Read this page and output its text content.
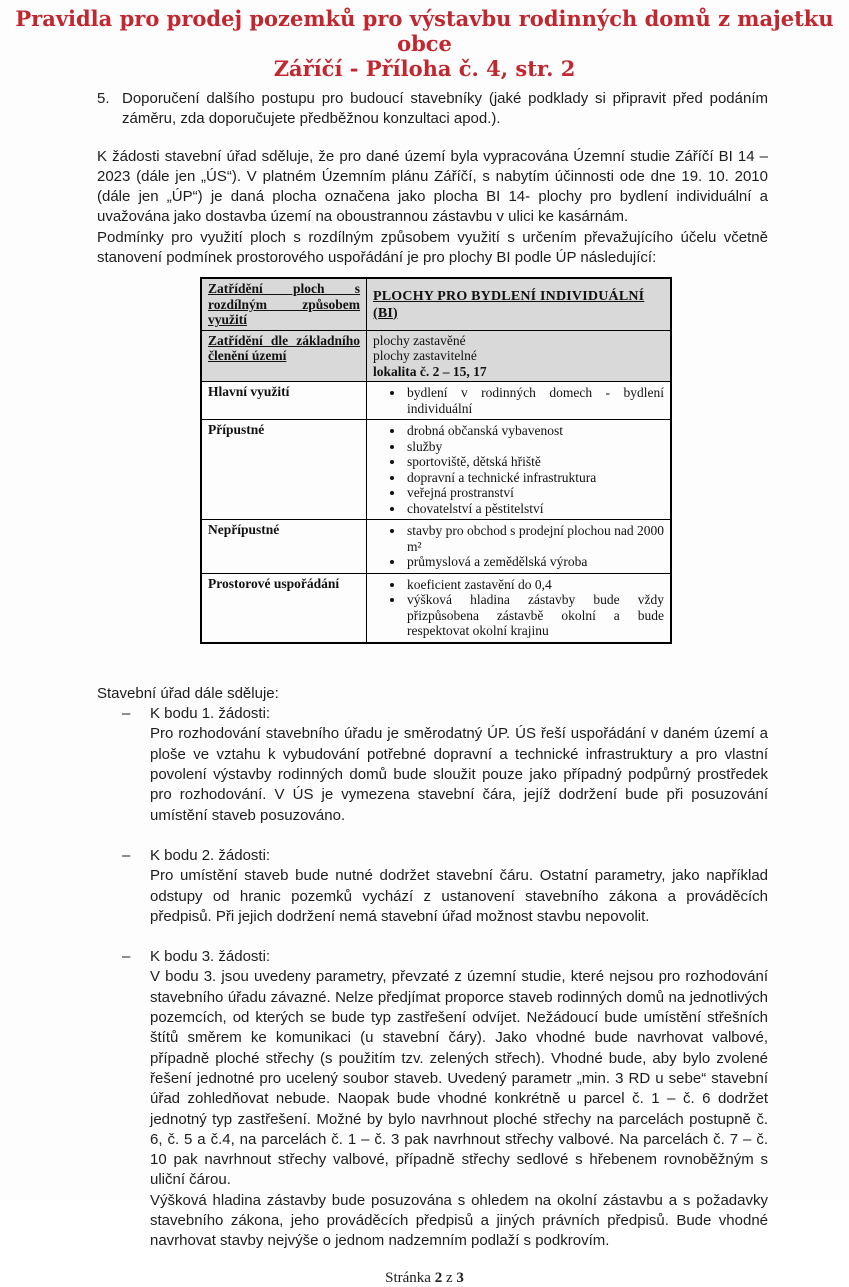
Pravidla pro prodej pozemků pro výstavbu rodinných domů z majetku obce
Záříčí - Příloha č. 4, str. 2
5. Doporučení dalšího postupu pro budoucí stavebníky (jaké podklady si připravit před podáním záměru, zda doporučujete předběžnou konzultaci apod.).

K žádosti stavební úřad sděluje, že pro dané území byla vypracována Územní studie Záříčí BI 14 – 2023 (dále jen „ÚS“). V platném Územním plánu Záříčí, s nabytím účinnosti ode dne 19. 10. 2010 (dále jen „ÚP“) je daná plocha označena jako plocha BI 14- plochy pro bydlení individuální a uvažována jako dostavba území na oboustrannou zástavbu v ulici ke kasárnám.

Podmínky pro využití ploch s rozdílným způsobem využití s určením převažujícího účelu včetně stanovení podmínek prostorového uspořádání je pro plochy BI podle ÚP následující:

Zatřídění ploch s rozdílným způsobem využití	PLOCHY PRO BYDLENÍ INDIVIDUÁLNÍ (BI)
Zatřídění dle základního členění území	plochy zastavěné
plochy zastavitelné
lokalita č. 2 – 15, 17

Hlavní využití	
•bydlení v rodinných domech - bydlení individuální

Přípustné	
•drobná občanská vybavenost
• služby
• sportoviště, dětská hřiště
• dopravní a technické infrastruktura
• veřejná prostranství
• chovatelství a pěstitelství

Nepřípustné	
•stavby pro obchod s prodejní plochou nad 2000 m²
• průmyslová a zemědělská výroba

Prostorové uspořádání	
•koeficient zastavění do 0,4
• výšková hladina zástavby bude vždy přizpůsobena zástavbě okolní a bude respektovat okolní krajinu

Stavební úřad dále sděluje:

–	K bodu 1. žádosti:

Pro rozhodování stavebního úřadu je směrodatný ÚP. ÚS řeší uspořádání v daném území a ploše ve vztahu k vybudování potřebné dopravní a technické infrastruktury a pro vlastní povolení výstavby rodinných domů bude sloužit pouze jako případný podpůrný prostředek pro rozhodování. V ÚS je vymezena stavební čára, jejíž dodržení bude při posuzování umístění staveb posuzováno.

–	K bodu 2. žádosti:

Pro umístění staveb bude nutné dodržet stavební čáru. Ostatní parametry, jako například odstupy od hranic pozemků vychází z ustanovení stavebního zákona a prováděcích předpisů. Při jejich dodržení nemá stavební úřad možnost stavbu nepovolit.

–	K bodu 3. žádosti:

V bodu 3. jsou uvedeny parametry, převzaté z územní studie, které nejsou pro rozhodování stavebního úřadu závazné. Nelze předjímat proporce staveb rodinných domů na jednotlivých pozemcích, od kterých se bude typ zastřešení odvíjet. Nežádoucí bude umístění střešních štítů směrem ke komunikaci (u stavební čáry). Jako vhodné bude navrhovat valbové, případně ploché střechy (s použitím tzv. zelených střech). Vhodné bude, aby bylo zvolené řešení jednotné pro ucelený soubor staveb. Uvedený parametr „min. 3 RD u sebe“ stavební úřad zohledňovat nebude. Naopak bude vhodné konkrétně u parcel č. 1 – č. 6 dodržet jednotný typ zastřešení. Možné by bylo navrhnout ploché střechy na parcelách postupně č. 6, č. 5 a č.4, na parcelách č. 1 – č. 3 pak navrhnout střechy valbové. Na parcelách č. 7 – č. 10 pak navrhnout střechy valbové, případně střechy sedlové s hřebenem rovnoběžným s uliční čárou.

Výšková hladina zástavby bude posuzována s ohledem na okolní zástavbu a s požadavky stavebního zákona, jeho prováděcích předpisů a jiných právních předpisů. Bude vhodné navrhovat stavby nejvýše o jednom nadzemním podlaží s podkrovím.

Stránka 2 z 3
